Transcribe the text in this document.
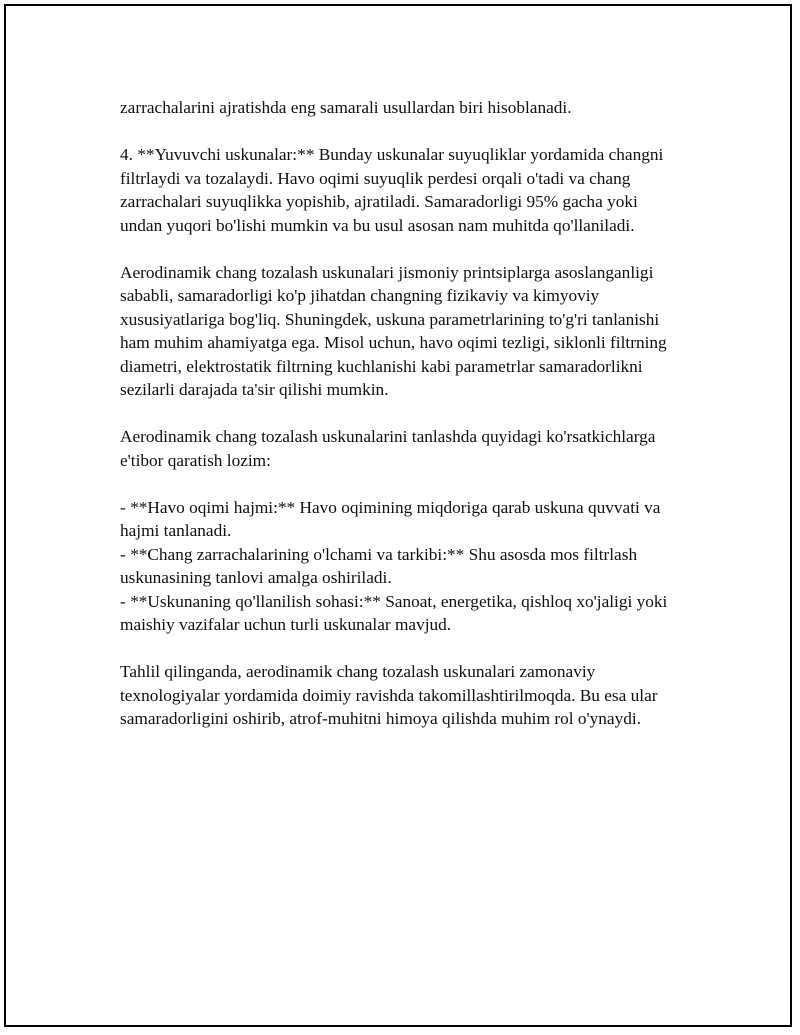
zarrachalarini ajratishda eng samarali usullardan biri hisoblanadi.

4. **Yuvuvchi uskunalar:** Bunday uskunalar suyuqliklar yordamida changni filtrlaydi va tozalaydi. Havo oqimi suyuqlik perdesi orqali o'tadi va chang zarrachalari suyuqlikka yopishib, ajratiladi. Samaradorligi 95% gacha yoki undan yuqori bo'lishi mumkin va bu usul asosan nam muhitda qo'llaniladi.

Aerodinamik chang tozalash uskunalari jismoniy printsiplarga asoslanganligi sababli, samaradorligi ko'p jihatdan changning fizikaviy va kimyoviy xususiyatlariga bog'liq. Shuningdek, uskuna parametrlarining to'g'ri tanlanishi ham muhim ahamiyatga ega. Misol uchun, havo oqimi tezligi, siklonli filtrning diametri, elektrostatik filtrning kuchlanishi kabi parametrlar samaradorlikni sezilarli darajada ta'sir qilishi mumkin.

Aerodinamik chang tozalash uskunalarini tanlashda quyidagi ko'rsatkichlarga e'tibor qaratish lozim:

- **Havo oqimi hajmi:** Havo oqimining miqdoriga qarab uskuna quvvati va hajmi tanlanadi.
- **Chang zarrachalarining o'lchami va tarkibi:** Shu asosda mos filtrlash uskunasining tanlovi amalga oshiriladi.
- **Uskunaning qo'llanilish sohasi:** Sanoat, energetika, qishloq xo'jaligi yoki maishiy vazifalar uchun turli uskunalar mavjud.

Tahlil qilinganda, aerodinamik chang tozalash uskunalari zamonaviy texnologiyalar yordamida doimiy ravishda takomillashtirilmoqda. Bu esa ular samaradorligini oshirib, atrof-muhitni himoya qilishda muhim rol o'ynaydi.
